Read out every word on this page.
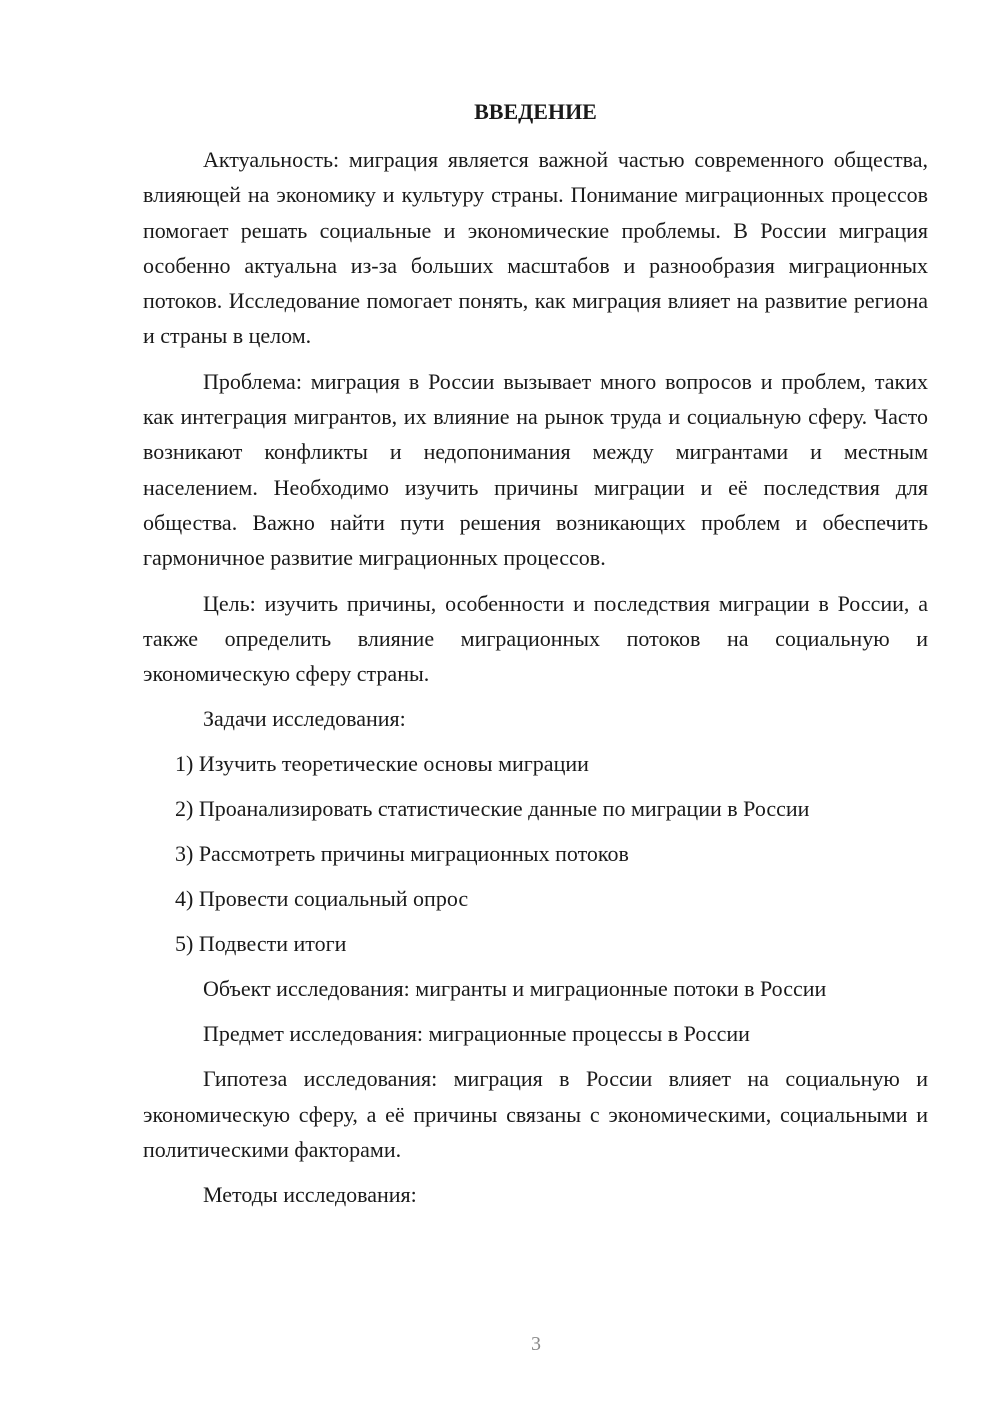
ВВЕДЕНИЕ

Актуальность: миграция является важной частью современного общества, влияющей на экономику и культуру страны. Понимание миграционных процессов помогает решать социальные и экономические проблемы. В России миграция особенно актуальна из-за больших масштабов и разнообразия миграционных потоков. Исследование помогает понять, как миграция влияет на развитие региона и страны в целом.

Проблема: миграция в России вызывает много вопросов и проблем, таких как интеграция мигрантов, их влияние на рынок труда и социальную сферу. Часто возникают конфликты и недопонимания между мигрантами и местным населением. Необходимо изучить причины миграции и её последствия для общества. Важно найти пути решения возникающих проблем и обеспечить гармоничное развитие миграционных процессов.

Цель: изучить причины, особенности и последствия миграции в России, а также определить влияние миграционных потоков на социальную и экономическую сферу страны.

Задачи исследования:
1) Изучить теоретические основы миграции
2) Проанализировать статистические данные по миграции в России
3) Рассмотреть причины миграционных потоков
4) Провести социальный опрос
5) Подвести итоги
Объект исследования: мигранты и миграционные потоки в России
Предмет исследования: миграционные процессы в России

Гипотеза исследования: миграция в России влияет на социальную и экономическую сферу, а её причины связаны с экономическими, социальными и политическими факторами.

Методы исследования:
3
